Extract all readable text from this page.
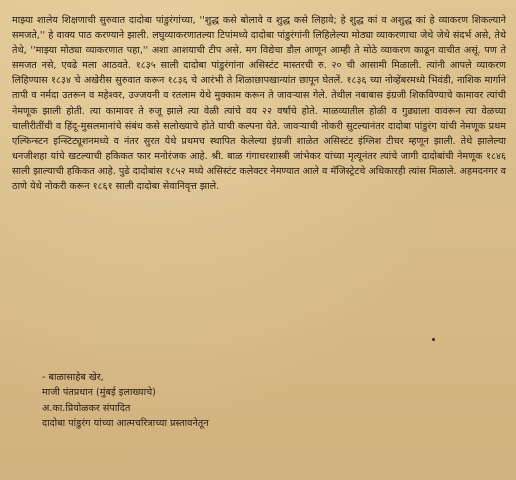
माझ्या शालेय शिक्षणाची सुरुवात दादोबा पांडुरंगांच्या, ''शुद्ध कसे बोलावे व शुद्ध कसे लिहावे; हे शुद्ध कां व अशुद्ध कां हे व्याकरण शिकल्याने समजते,'' हे वाक्य पाठ करण्याने झाली. लघुव्याकरणातल्या टिपांमध्ये दादोबा पांडुरंगांनी लिहिलेल्या मोठ्या व्याकरणाचा जेथे जेथे संदर्भ असे, तेथे तेथे, ''माझ्या मोठ्या व्याकरणात पहा,'' अशा आशयाची टीप असे. मग विद्येचा डौल आणून आम्ही ते मोठे व्याकरण काढून वाचीत असूं. पण ते समजत नसे, एवढे मला आठवते. १८३५ साली दादोबा पांडुरंगांना असिस्टंट मास्तरची रु. २० ची आसामी मिळाली. त्यांनी आपले व्याकरण लिहिण्यास १८३४ चे अखेरीस सुरुवात करून १८३६ चे आरंभी ते शिळाछापखान्यांत छापून घेतलें. १८३६ च्या नोव्हेंबरमध्ये भिवंडी, नाशिक मार्गाने तापी व नर्मदा उतरून व महेश्वर, उज्जयनी व रतलाम येथे मुक्काम करून ते जावऱ्यास गेले. तेथील नबाबास इंग्रजी शिकविण्याचे कामावर त्यांची नेमणूक झाली होती. त्या कामावर ते रुजू झाले त्या वेळी त्यांचे वय २२ वर्षांचे होते. माळव्यातील होळी व गुढ्याला वावरून त्या वेळच्या चालीरीतींची व हिंदू-मुसलमानांचे संबंध कसे सलोख्याचे होते याची कल्पना येते. जावऱ्याची नोकरी सुटल्यानंतर दादोबा पांडुरंग यांची नेमणूक प्रथम एल्फिन्स्टन इन्स्टिट्यूशनमध्ये व नंतर सुरत येथे प्रथमच स्थापित केलेल्या इंग्रजी शाळेत असिस्टंट इंग्लिश टीचर म्हणून झाली. तेथे झालेल्या धनजीशहा यांचे खटल्याची हकिकत फार मनोरंजक आहे. श्री. बाळ गंगाधरशास्त्री जांभेकर यांच्या मृत्यूनंतर त्यांचे जागी दादोबांची नेमणूक १८४६ साली झाल्याची हकिकत आहे. पुढे दादोबांस १८५२ मध्ये असिस्टंट कलेक्टर नेमण्यात आले व मॅजिस्ट्रेटचे अधिकारही त्यांस मिळाले. अहमदनगर व ठाणे येथे नोकरी करून १८६१ साली दादोबा सेवानिवृत्त झाले.

- बाळासाहेब खेर,
माजी पंतप्रधान (मुंबई इलाख्याचे)
अ.का.प्रियोळकर संपादित
दादोबा पांडुरंग यांच्या आत्मचरित्राच्या प्रस्तावनेतून
